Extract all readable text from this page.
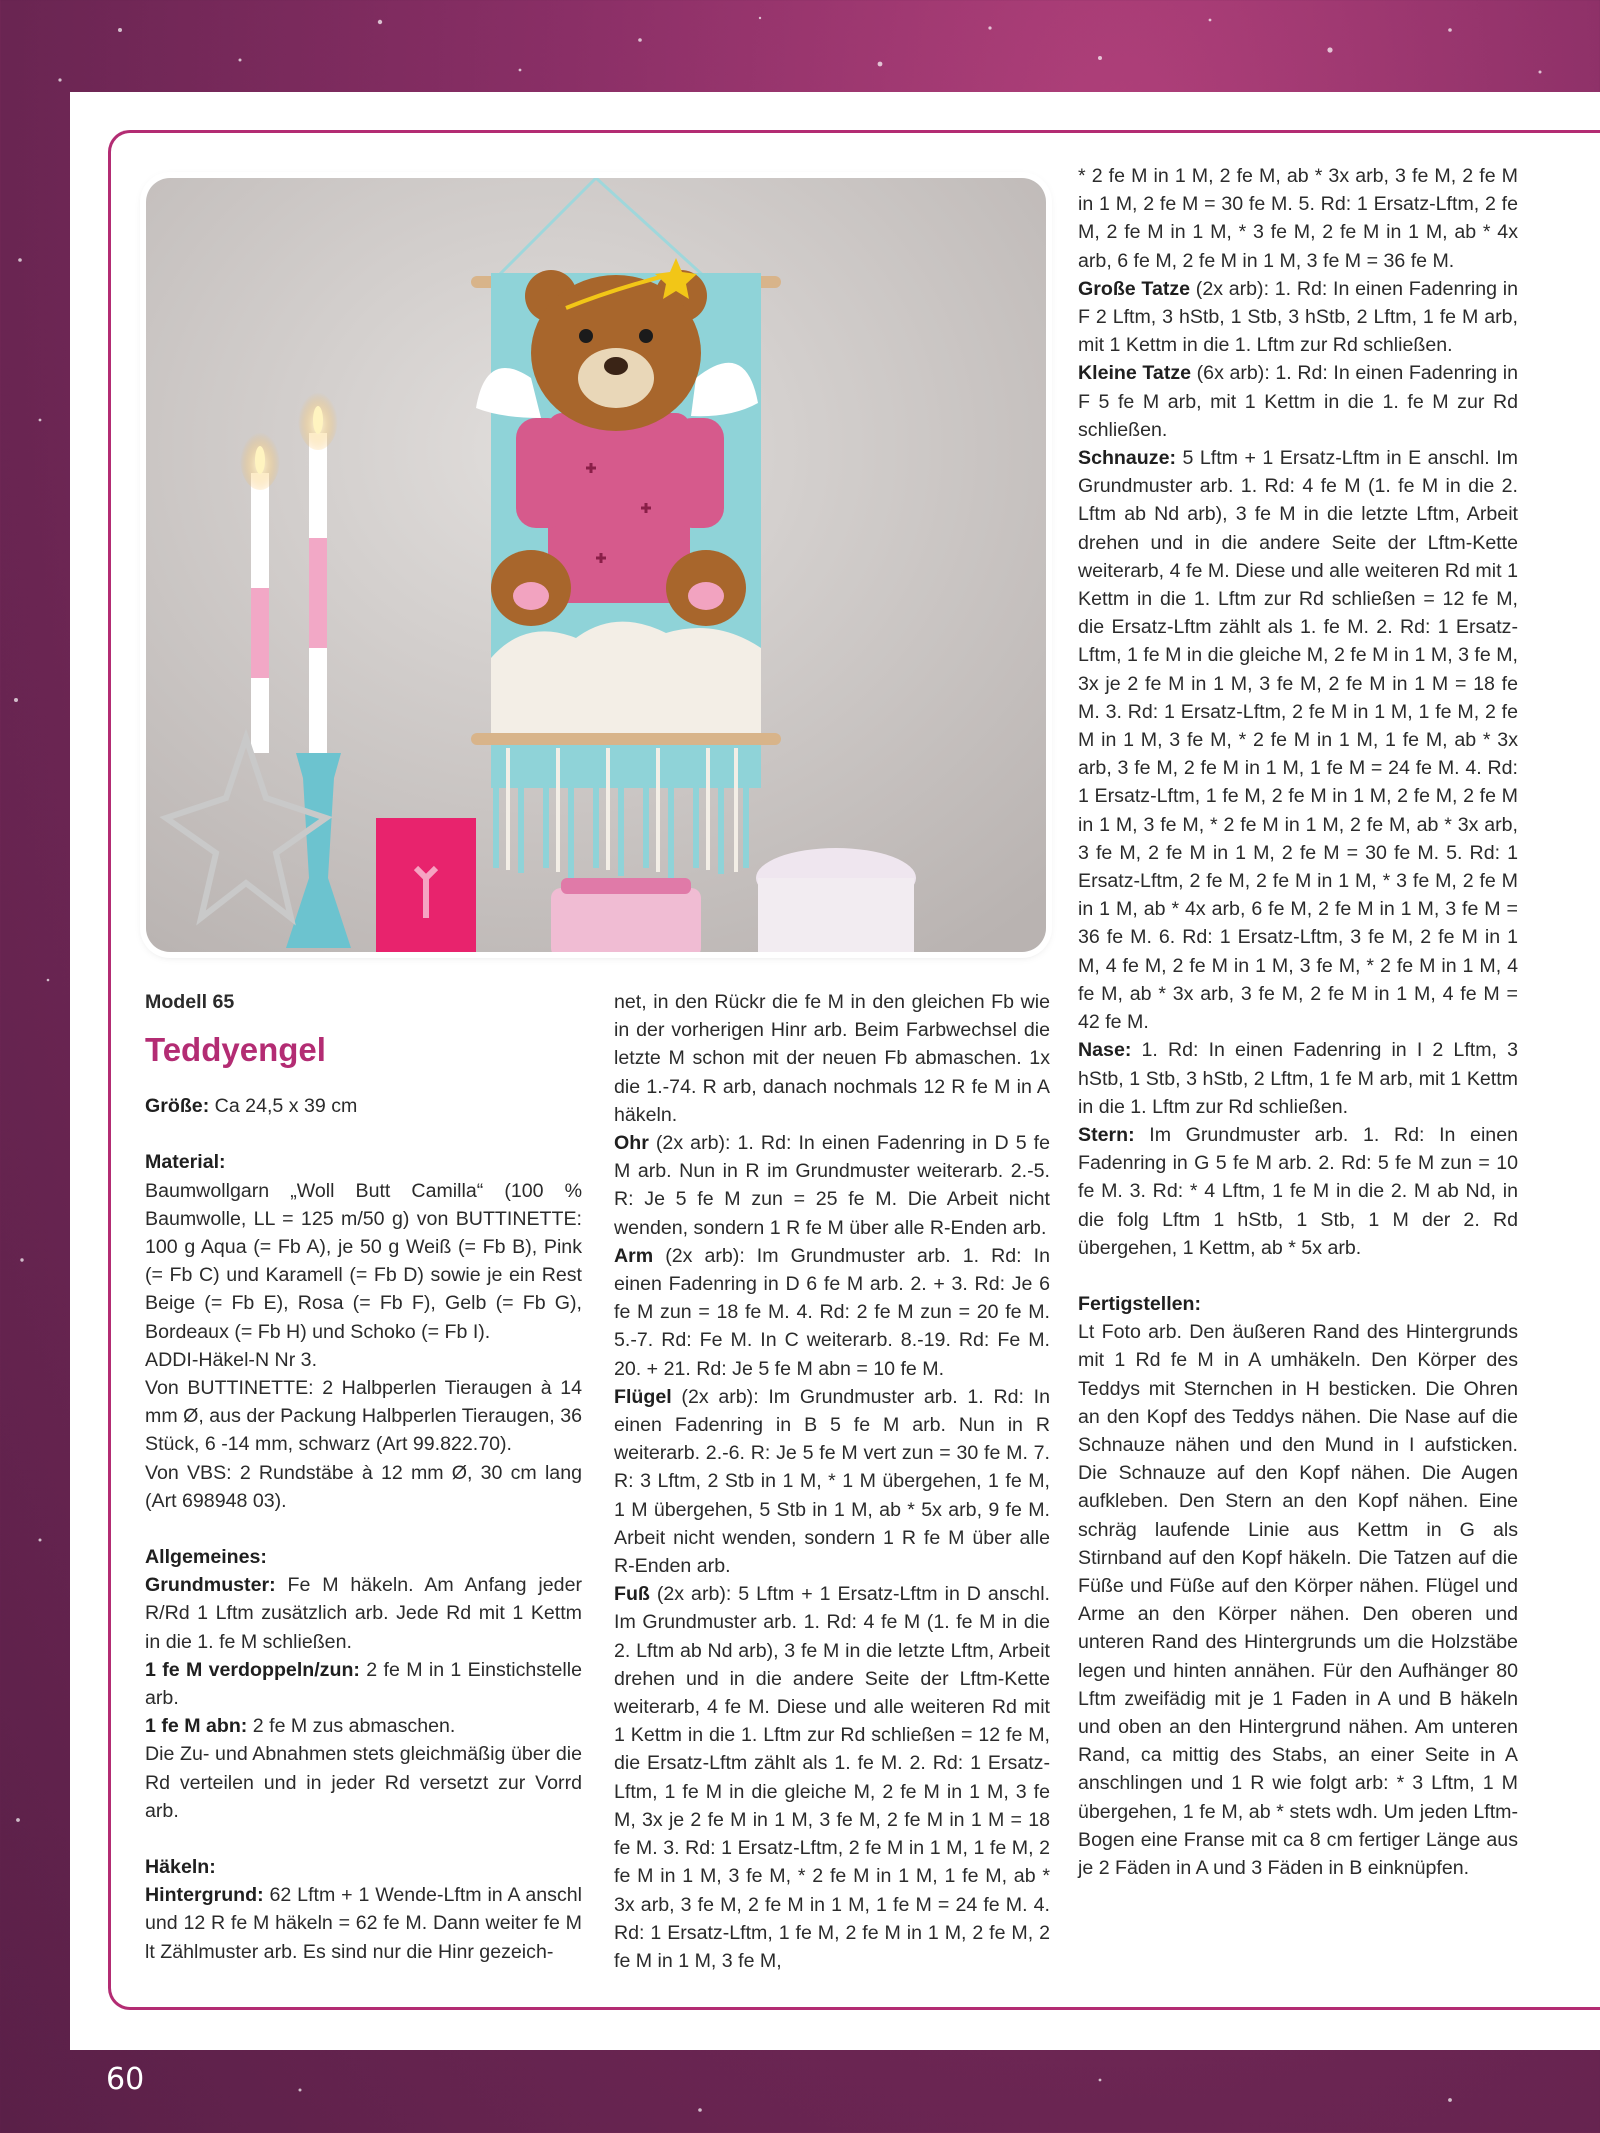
Modell 65

Teddyengel

Größe: Ca 24,5 x 39 cm

Material:

Baumwollgarn „Woll Butt Camilla“ (100 % Baumwolle, LL = 125 m/50 g) von BUTTINETTE: 100 g Aqua (= Fb A), je 50 g Weiß (= Fb B), Pink (= Fb C) und Karamell (= Fb D) sowie je ein Rest Beige (= Fb E), Rosa (= Fb F), Gelb (= Fb G), Bordeaux (= Fb H) und Schoko (= Fb I).

ADDI-Häkel-N Nr 3.

Von BUTTINETTE: 2 Halbperlen Tieraugen à 14 mm Ø, aus der Packung Halbperlen Tieraugen, 36 Stück, 6 -14 mm, schwarz (Art 99.822.70).

Von VBS: 2 Rundstäbe à 12 mm Ø, 30 cm lang (Art 698948 03).

Allgemeines:

Grundmuster: Fe M häkeln. Am Anfang jeder R/Rd 1 Lftm zusätzlich arb. Jede Rd mit 1 Kettm in die 1. fe M schließen.

1 fe M verdoppeln/zun: 2 fe M in 1 Einstichstelle arb.

1 fe M abn: 2 fe M zus abmaschen.

Die Zu- und Abnahmen stets gleichmäßig über die Rd verteilen und in jeder Rd versetzt zur Vorrd arb.

Häkeln:

Hintergrund: 62 Lftm + 1 Wende-Lftm in A anschl und 12 R fe M häkeln = 62 fe M. Dann weiter fe M lt Zählmuster arb. Es sind nur die Hinr gezeich-

net, in den Rückr die fe M in den gleichen Fb wie in der vorherigen Hinr arb. Beim Farbwechsel die letzte M schon mit der neuen Fb abmaschen. 1x die 1.-74. R arb, danach nochmals 12 R fe M in A häkeln.

Ohr (2x arb): 1. Rd: In einen Fadenring in D 5 fe M arb. Nun in R im Grundmuster weiterarb. 2.-5. R: Je 5 fe M zun = 25 fe M. Die Arbeit nicht wenden, sondern 1 R fe M über alle R-Enden arb.

Arm (2x arb): Im Grundmuster arb. 1. Rd: In einen Fadenring in D 6 fe M arb. 2. + 3. Rd: Je 6 fe M zun = 18 fe M. 4. Rd: 2 fe M zun = 20 fe M. 5.-7. Rd: Fe M. In C weiterarb. 8.-19. Rd: Fe M. 20. + 21. Rd: Je 5 fe M abn = 10 fe M.

Flügel (2x arb): Im Grundmuster arb. 1. Rd: In einen Fadenring in B 5 fe M arb. Nun in R weiterarb. 2.-6. R: Je 5 fe M vert zun = 30 fe M. 7. R: 3 Lftm, 2 Stb in 1 M, * 1 M übergehen, 1 fe M, 1 M übergehen, 5 Stb in 1 M, ab * 5x arb, 9 fe M. Arbeit nicht wenden, sondern 1 R fe M über alle R-Enden arb.

Fuß (2x arb): 5 Lftm + 1 Ersatz-Lftm in D anschl. Im Grundmuster arb. 1. Rd: 4 fe M (1. fe M in die 2. Lftm ab Nd arb), 3 fe M in die letzte Lftm, Arbeit drehen und in die andere Seite der Lftm-Kette weiterarb, 4 fe M. Diese und alle weiteren Rd mit 1 Kettm in die 1. Lftm zur Rd schließen = 12 fe M, die Ersatz-Lftm zählt als 1. fe M. 2. Rd: 1 Ersatz-Lftm, 1 fe M in die gleiche M, 2 fe M in 1 M, 3 fe M, 3x je 2 fe M in 1 M, 3 fe M, 2 fe M in 1 M = 18 fe M. 3. Rd: 1 Ersatz-Lftm, 2 fe M in 1 M, 1 fe M, 2 fe M in 1 M, 3 fe M, * 2 fe M in 1 M, 1 fe M, ab * 3x arb, 3 fe M, 2 fe M in 1 M, 1 fe M = 24 fe M. 4. Rd: 1 Ersatz-Lftm, 1 fe M, 2 fe M in 1 M, 2 fe M, 2 fe M in 1 M, 3 fe M,

* 2 fe M in 1 M, 2 fe M, ab * 3x arb, 3 fe M, 2 fe M in 1 M, 2 fe M = 30 fe M. 5. Rd: 1 Ersatz-Lftm, 2 fe M, 2 fe M in 1 M, * 3 fe M, 2 fe M in 1 M, ab * 4x arb, 6 fe M, 2 fe M in 1 M, 3 fe M = 36 fe M.

Große Tatze (2x arb): 1. Rd: In einen Fadenring in F 2 Lftm, 3 hStb, 1 Stb, 3 hStb, 2 Lftm, 1 fe M arb, mit 1 Kettm in die 1. Lftm zur Rd schließen.

Kleine Tatze (6x arb): 1. Rd: In einen Fadenring in F 5 fe M arb, mit 1 Kettm in die 1. fe M zur Rd schließen.

Schnauze: 5 Lftm + 1 Ersatz-Lftm in E anschl. Im Grundmuster arb. 1. Rd: 4 fe M (1. fe M in die 2. Lftm ab Nd arb), 3 fe M in die letzte Lftm, Arbeit drehen und in die andere Seite der Lftm-Kette weiterarb, 4 fe M. Diese und alle weiteren Rd mit 1 Kettm in die 1. Lftm zur Rd schließen = 12 fe M, die Ersatz-Lftm zählt als 1. fe M. 2. Rd: 1 Ersatz-Lftm, 1 fe M in die gleiche M, 2 fe M in 1 M, 3 fe M, 3x je 2 fe M in 1 M, 3 fe M, 2 fe M in 1 M = 18 fe M. 3. Rd: 1 Ersatz-Lftm, 2 fe M in 1 M, 1 fe M, 2 fe M in 1 M, 3 fe M, * 2 fe M in 1 M, 1 fe M, ab * 3x arb, 3 fe M, 2 fe M in 1 M, 1 fe M = 24 fe M. 4. Rd: 1 Ersatz-Lftm, 1 fe M, 2 fe M in 1 M, 2 fe M, 2 fe M in 1 M, 3 fe M, * 2 fe M in 1 M, 2 fe M, ab * 3x arb, 3 fe M, 2 fe M in 1 M, 2 fe M = 30 fe M. 5. Rd: 1 Ersatz-Lftm, 2 fe M, 2 fe M in 1 M, * 3 fe M, 2 fe M in 1 M, ab * 4x arb, 6 fe M, 2 fe M in 1 M, 3 fe M = 36 fe M. 6. Rd: 1 Ersatz-Lftm, 3 fe M, 2 fe M in 1 M, 4 fe M, 2 fe M in 1 M, 3 fe M, * 2 fe M in 1 M, 4 fe M, ab * 3x arb, 3 fe M, 2 fe M in 1 M, 4 fe M = 42 fe M.

Nase: 1. Rd: In einen Fadenring in I 2 Lftm, 3 hStb, 1 Stb, 3 hStb, 2 Lftm, 1 fe M arb, mit 1 Kettm in die 1. Lftm zur Rd schließen.

Stern: Im Grundmuster arb. 1. Rd: In einen Fadenring in G 5 fe M arb. 2. Rd: 5 fe M zun = 10 fe M. 3. Rd: * 4 Lftm, 1 fe M in die 2. M ab Nd, in die folg Lftm 1 hStb, 1 Stb, 1 M der 2. Rd übergehen, 1 Kettm, ab * 5x arb.

Fertigstellen:

Lt Foto arb. Den äußeren Rand des Hintergrunds mit 1 Rd fe M in A umhäkeln. Den Körper des Teddys mit Sternchen in H besticken. Die Ohren an den Kopf des Teddys nähen. Die Nase auf die Schnauze nähen und den Mund in I aufsticken. Die Schnauze auf den Kopf nähen. Die Augen aufkleben. Den Stern an den Kopf nähen. Eine schräg laufende Linie aus Kettm in G als Stirnband auf den Kopf häkeln. Die Tatzen auf die Füße und Füße auf den Körper nähen. Flügel und Arme an den Körper nähen. Den oberen und unteren Rand des Hintergrunds um die Holzstäbe legen und hinten annähen. Für den Aufhänger 80 Lftm zweifädig mit je 1 Faden in A und B häkeln und oben an den Hintergrund nähen. Am unteren Rand, ca mittig des Stabs, an einer Seite in A anschlingen und 1 R wie folgt arb: * 3 Lftm, 1 M übergehen, 1 fe M, ab * stets wdh. Um jeden Lftm-Bogen eine Franse mit ca 8 cm fertiger Länge aus je 2 Fäden in A und 3 Fäden in B einknüpfen.

60
